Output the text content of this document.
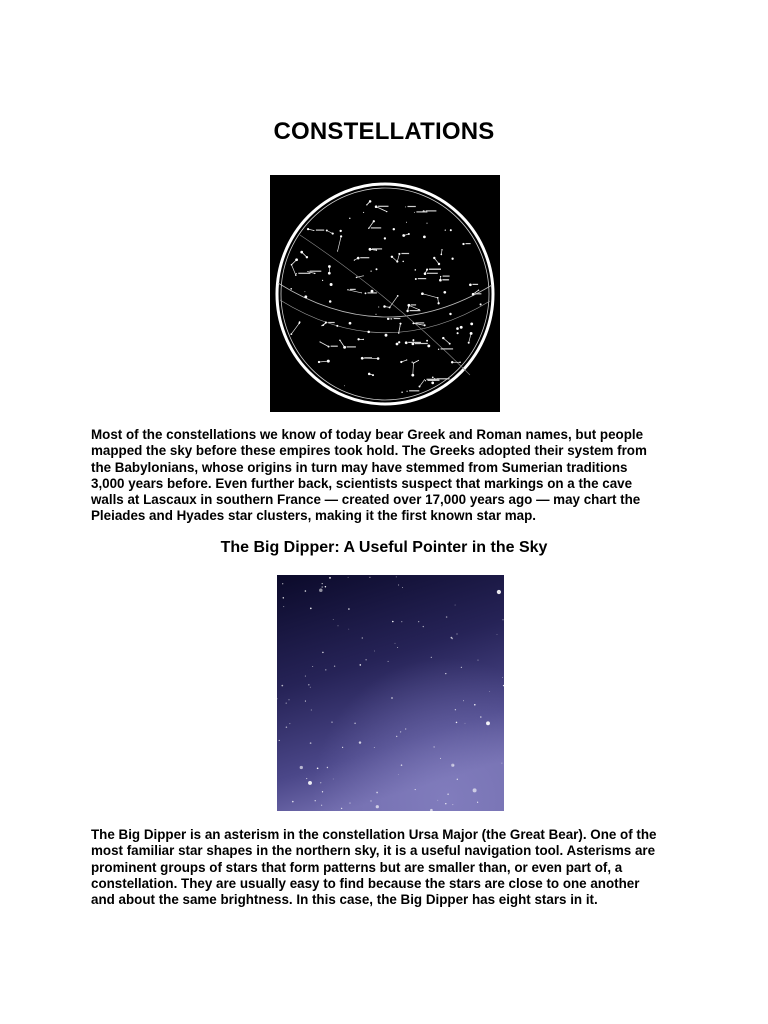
CONSTELLATIONS
Most of the constellations we know of today bear Greek and Roman names, but people
mapped the sky before these empires took hold. The Greeks adopted their system from
the Babylonians, whose origins in turn may have stemmed from Sumerian traditions
3,000 years before. Even further back, scientists suspect that markings on a the cave
walls at Lascaux in southern France — created over 17,000 years ago — may chart the
Pleiades and Hyades star clusters, making it the first known star map.
The Big Dipper: A Useful Pointer in the Sky
The Big Dipper is an asterism in the constellation Ursa Major (the Great Bear). One of the
most familiar star shapes in the northern sky, it is a useful navigation tool. Asterisms are
prominent groups of stars that form patterns but are smaller than, or even part of, a
constellation. They are usually easy to find because the stars are close to one another
and about the same brightness. In this case, the Big Dipper has eight stars in it.
